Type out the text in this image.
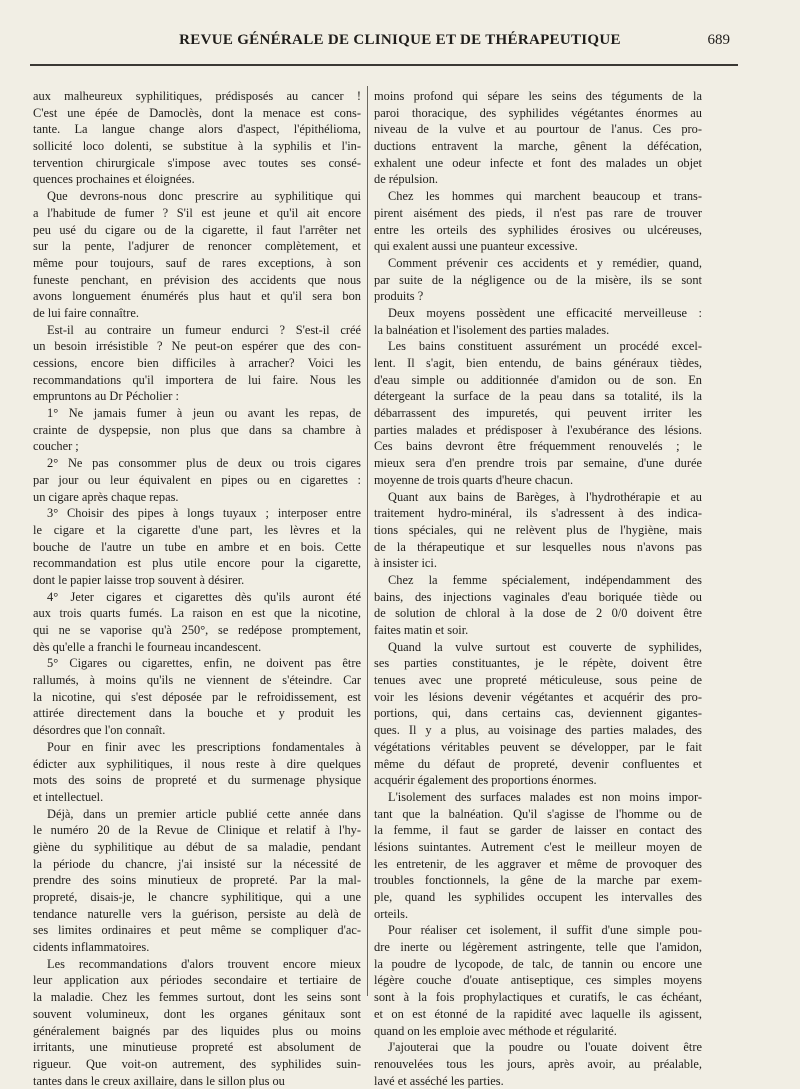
REVUE GÉNÉRALE DE CLINIQUE ET DE THÉRAPEUTIQUE	689
aux malheureux syphilitiques, prédisposés au cancer !
C'est une épée de Damoclès, dont la menace est cons-
tante. La langue change alors d'aspect, l'épithélioma,
sollicité loco dolenti, se substitue à la syphilis et l'in-
tervention chirurgicale s'impose avec toutes ses consé-
quences prochaines et éloignées.
Que devrons-nous donc prescrire au syphilitique qui
a l'habitude de fumer ? S'il est jeune et qu'il ait encore
peu usé du cigare ou de la cigarette, il faut l'arrêter net
sur la pente, l'adjurer de renoncer complètement, et
même pour toujours, sauf de rares exceptions, à son
funeste penchant, en prévision des accidents que nous
avons longuement énumérés plus haut et qu'il sera bon
de lui faire connaître.
Est-il au contraire un fumeur endurci ? S'est-il créé
un besoin irrésistible ? Ne peut-on espérer que des con-
cessions, encore bien difficiles à arracher? Voici les
recommandations qu'il importera de lui faire. Nous les
empruntons au Dr Pécholier :
1° Ne jamais fumer à jeun ou avant les repas, de
crainte de dyspepsie, non plus que dans sa chambre à
coucher ;
2° Ne pas consommer plus de deux ou trois cigares
par jour ou leur équivalent en pipes ou en cigarettes :
un cigare après chaque repas.
3° Choisir des pipes à longs tuyaux ; interposer entre
le cigare et la cigarette d'une part, les lèvres et la
bouche de l'autre un tube en ambre et en bois. Cette
recommandation est plus utile encore pour la cigarette,
dont le papier laisse trop souvent à désirer.
4° Jeter cigares et cigarettes dès qu'ils auront été
aux trois quarts fumés. La raison en est que la nicotine,
qui ne se vaporise qu'à 250°, se redépose promptement,
dès qu'elle a franchi le fourneau incandescent.
5° Cigares ou cigarettes, enfin, ne doivent pas être
rallumés, à moins qu'ils ne viennent de s'éteindre. Car
la nicotine, qui s'est déposée par le refroidissement, est
attirée directement dans la bouche et y produit les
désordres que l'on connaît.
Pour en finir avec les prescriptions fondamentales à
édicter aux syphilitiques, il nous reste à dire quelques
mots des soins de propreté et du surmenage physique
et intellectuel.
Déjà, dans un premier article publié cette année dans
le numéro 20 de la Revue de Clinique et relatif à l'hy-
giène du syphilitique au début de sa maladie, pendant
la période du chancre, j'ai insisté sur la nécessité de
prendre des soins minutieux de propreté. Par la mal-
propreté, disais-je, le chancre syphilitique, qui a une
tendance naturelle vers la guérison, persiste au delà de
ses limites ordinaires et peut même se compliquer d'ac-
cidents inflammatoires.
Les recommandations d'alors trouvent encore mieux
leur application aux périodes secondaire et tertiaire de
la maladie. Chez les femmes surtout, dont les seins sont
souvent volumineux, dont les organes génitaux sont
généralement baignés par des liquides plus ou moins
irritants, une minutieuse propreté est absolument de
rigueur. Que voit-on autrement, des syphilides suin-
tantes dans le creux axillaire, dans le sillon plus ou
moins profond qui sépare les seins des téguments de la
paroi thoracique, des syphilides végétantes énormes au
niveau de la vulve et au pourtour de l'anus. Ces pro-
ductions entravent la marche, gênent la défécation,
exhalent une odeur infecte et font des malades un objet
de répulsion.
Chez les hommes qui marchent beaucoup et trans-
pirent aisément des pieds, il n'est pas rare de trouver
entre les orteils des syphilides érosives ou ulcéreuses,
qui exalent aussi une puanteur excessive.
Comment prévenir ces accidents et y remédier, quand,
par suite de la négligence ou de la misère, ils se sont
produits ?
Deux moyens possèdent une efficacité merveilleuse :
la balnéation et l'isolement des parties malades.
Les bains constituent assurément un procédé excel-
lent. Il s'agit, bien entendu, de bains généraux tièdes,
d'eau simple ou additionnée d'amidon ou de son. En
détergeant la surface de la peau dans sa totalité, ils la
débarrassent des impuretés, qui peuvent irriter les
parties malades et prédisposer à l'exubérance des lésions.
Ces bains devront être fréquemment renouvelés ; le
mieux sera d'en prendre trois par semaine, d'une durée
moyenne de trois quarts d'heure chacun.
Quant aux bains de Barèges, à l'hydrothérapie et au
traitement hydro-minéral, ils s'adressent à des indica-
tions spéciales, qui ne relèvent plus de l'hygiène, mais
de la thérapeutique et sur lesquelles nous n'avons pas
à insister ici.
Chez la femme spécialement, indépendamment des
bains, des injections vaginales d'eau boriquée tiède ou
de solution de chloral à la dose de 2 0/0 doivent être
faites matin et soir.
Quand la vulve surtout est couverte de syphilides,
ses parties constituantes, je le répète, doivent être
tenues avec une propreté méticuleuse, sous peine de
voir les lésions devenir végétantes et acquérir des pro-
portions, qui, dans certains cas, deviennent gigantes-
ques. Il y a plus, au voisinage des parties malades, des
végétations véritables peuvent se développer, par le fait
même du défaut de propreté, devenir confluentes et
acquérir également des proportions énormes.
L'isolement des surfaces malades est non moins impor-
tant que la balnéation. Qu'il s'agisse de l'homme ou de
la femme, il faut se garder de laisser en contact des
lésions suintantes. Autrement c'est le meilleur moyen de
les entretenir, de les aggraver et même de provoquer des
troubles fonctionnels, la gêne de la marche par exem-
ple, quand les syphilides occupent les intervalles des
orteils.
Pour réaliser cet isolement, il suffit d'une simple pou-
dre inerte ou légèrement astringente, telle que l'amidon,
la poudre de lycopode, de talc, de tannin ou encore une
légère couche d'ouate antiseptique, ces simples moyens
sont à la fois prophylactiques et curatifs, le cas échéant,
et on est étonné de la rapidité avec laquelle ils agissent,
quand on les emploie avec méthode et régularité.
J'ajouterai que la poudre ou l'ouate doivent être
renouvelées tous les jours, après avoir, au préalable,
lavé et asséché les parties.
